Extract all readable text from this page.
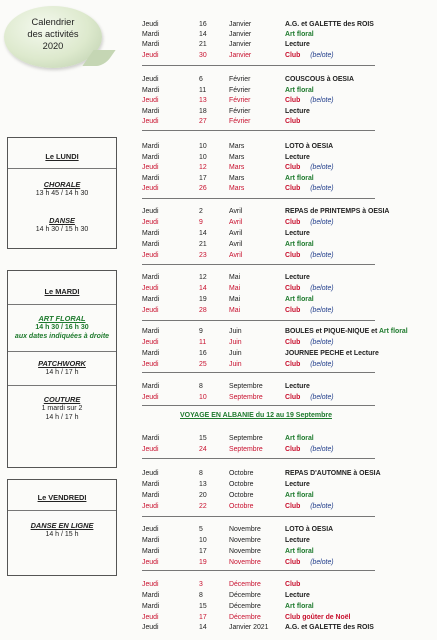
Calendrier
des activités
2020
Le LUNDI
CHORALE
13 h 45 / 14 h 30
DANSE
14 h 30 / 15 h 30
Le MARDI
ART FLORAL
14 h 30 / 16 h 30
aux dates indiquées à droite
PATCHWORK
14 h / 17 h
COUTURE
1 mardi sur 2
14 h / 17 h
Le VENDREDI
DANSE EN LIGNE
14 h / 15 h
VOYAGE EN ALBANIE du 12 au 19 Septembre
Jeudi	16	Janvier	A.G. et GALETTE des ROIS
Mardi	14	Janvier	Art floral
Mardi	21	Janvier	Lecture
Jeudi	30	Janvier	Club (belote)
Jeudi	6	Février	COUSCOUS à OESIA
Mardi	11	Février	Art floral
Jeudi	13	Février	Club (belote)
Mardi	18	Février	Lecture
Jeudi	27	Février	Club
Mardi	10	Mars	LOTO à OESIA
Mardi	10	Mars	Lecture
Jeudi	12	Mars	Club (belote)
Mardi	17	Mars	Art floral
Jeudi	26	Mars	Club (belote)
Jeudi	2	Avril	REPAS de PRINTEMPS à OESIA
Jeudi	9	Avril	Club (belote)
Mardi	14	Avril	Lecture
Mardi	21	Avril	Art floral
Jeudi	23	Avril	Club (belote)
Mardi	12	Mai	Lecture
Jeudi	14	Mai	Club (belote)
Mardi	19	Mai	Art floral
Jeudi	28	Mai	Club (belote)
Mardi	9	Juin	BOULES et PIQUE-NIQUE et Art floral
Jeudi	11	Juin	Club (belote)
Mardi	16	Juin	JOURNEE PECHE et Lecture
Jeudi	25	Juin	Club (belote)
Mardi	8	Septembre	Lecture
Jeudi	10	Septembre	Club (belote)
Mardi	15	Septembre	Art floral
Jeudi	24	Septembre	Club (belote)
Jeudi	8	Octobre	REPAS D'AUTOMNE à OESIA
Mardi	13	Octobre	Lecture
Mardi	20	Octobre	Art floral
Jeudi	22	Octobre	Club (belote)
Jeudi	5	Novembre	LOTO à OESIA
Mardi	10	Novembre	Lecture
Mardi	17	Novembre	Art floral
Jeudi	19	Novembre	Club (belote)
Jeudi	3	Décembre	Club
Mardi	8	Décembre	Lecture
Mardi	15	Décembre	Art floral
Jeudi	17	Décembre	Club goûter de Noël
Jeudi	14	Janvier 2021 A.G. et GALETTE des ROIS
